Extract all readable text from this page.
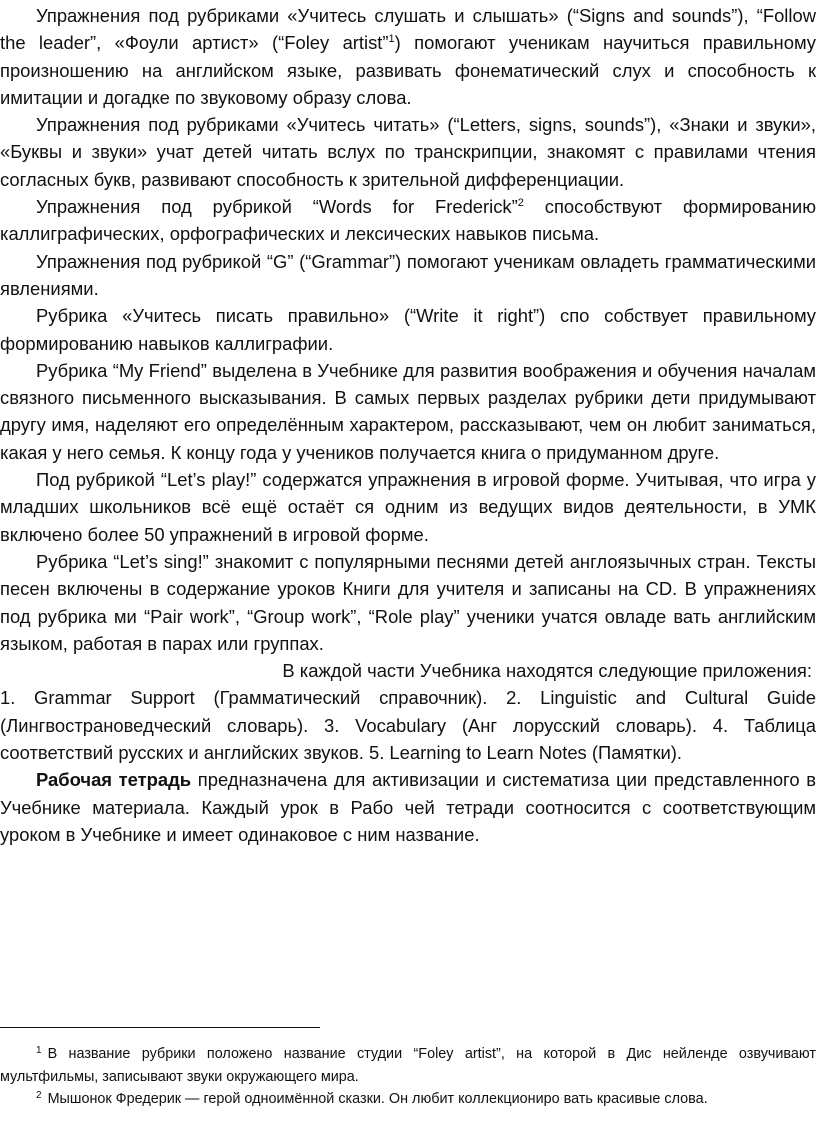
Упражнения под рубриками «Учитесь слушать и слышать» (“Signs and sounds”), “Follow the leader”, «Фоули артист» (“Foley artist”$^1$) помогают ученикам научиться правильному произношению на английском языке, развивать фонематический слух и способность к имитации и догадке по звуковому образу слова.

Упражнения под рубриками «Учитесь читать» (“Letters, signs, sounds”), «Знаки и звуки», «Буквы и звуки» учат детей читать вслух по транскрипции, знакомят с правилами чтения согласных букв, развивают способность к зрительной дифференциации.

Упражнения под рубрикой “Words for Frederick”$^2$ способствуют формированию каллиграфических, орфографических и лексических навыков письма.

Упражнения под рубрикой “G” (“Grammar”) помогают ученикам овладеть грамматическими явлениями.

Рубрика «Учитесь писать правильно» (“Write it right”) спо собствует правильному формированию навыков каллиграфии.

Рубрика “My Friend” выделена в Учебнике для развития воображения и обучения началам связного письменного высказывания. В самых первых разделах рубрики дети придумывают другу имя, наделяют его определённым характером, рассказывают, чем он любит заниматься, какая у него семья. К концу года у учеников получается книга о придуманном друге.

Под рубрикой “Let’s play!” содержатся упражнения в игровой форме. Учитывая, что игра у младших школьников всё ещё остаёт ся одним из ведущих видов деятельности, в УМК включено более 50 упражнений в игровой форме.

Рубрика “Let’s sing!” знакомит с популярными песнями детей англоязычных стран. Тексты песен включены в содержание уроков Книги для учителя и записаны на CD. В упражнениях под рубрика ми “Pair work”, “Group work”, “Role play” ученики учатся овладе вать английским языком, работая в парах или группах.

В каждой части Учебника находятся следующие приложения:

1. Grammar Support (Грамматический справочник). 2. Linguistic and Cultural Guide (Лингвострановедческий словарь). 3. Vocabulary (Анг лорусский словарь). 4. Таблица соответствий русских и английских звуков. 5. Learning to Learn Notes (Памятки).

Рабочая тетрадь предназначена для активизации и систематиза ции представленного в Учебнике материала. Каждый урок в Рабо чей тетради соотносится с соответствующим уроком в Учебнике и имеет одинаковое с ним название.

$^1$ В название рубрики положено название студии “Foley artist”, на которой в Дис нейленде озвучивают мультфильмы, записывают звуки окружающего мира.

$^2$ Мышонок Фредерик — герой одноимённой сказки. Он любит коллекциониро вать красивые слова.
